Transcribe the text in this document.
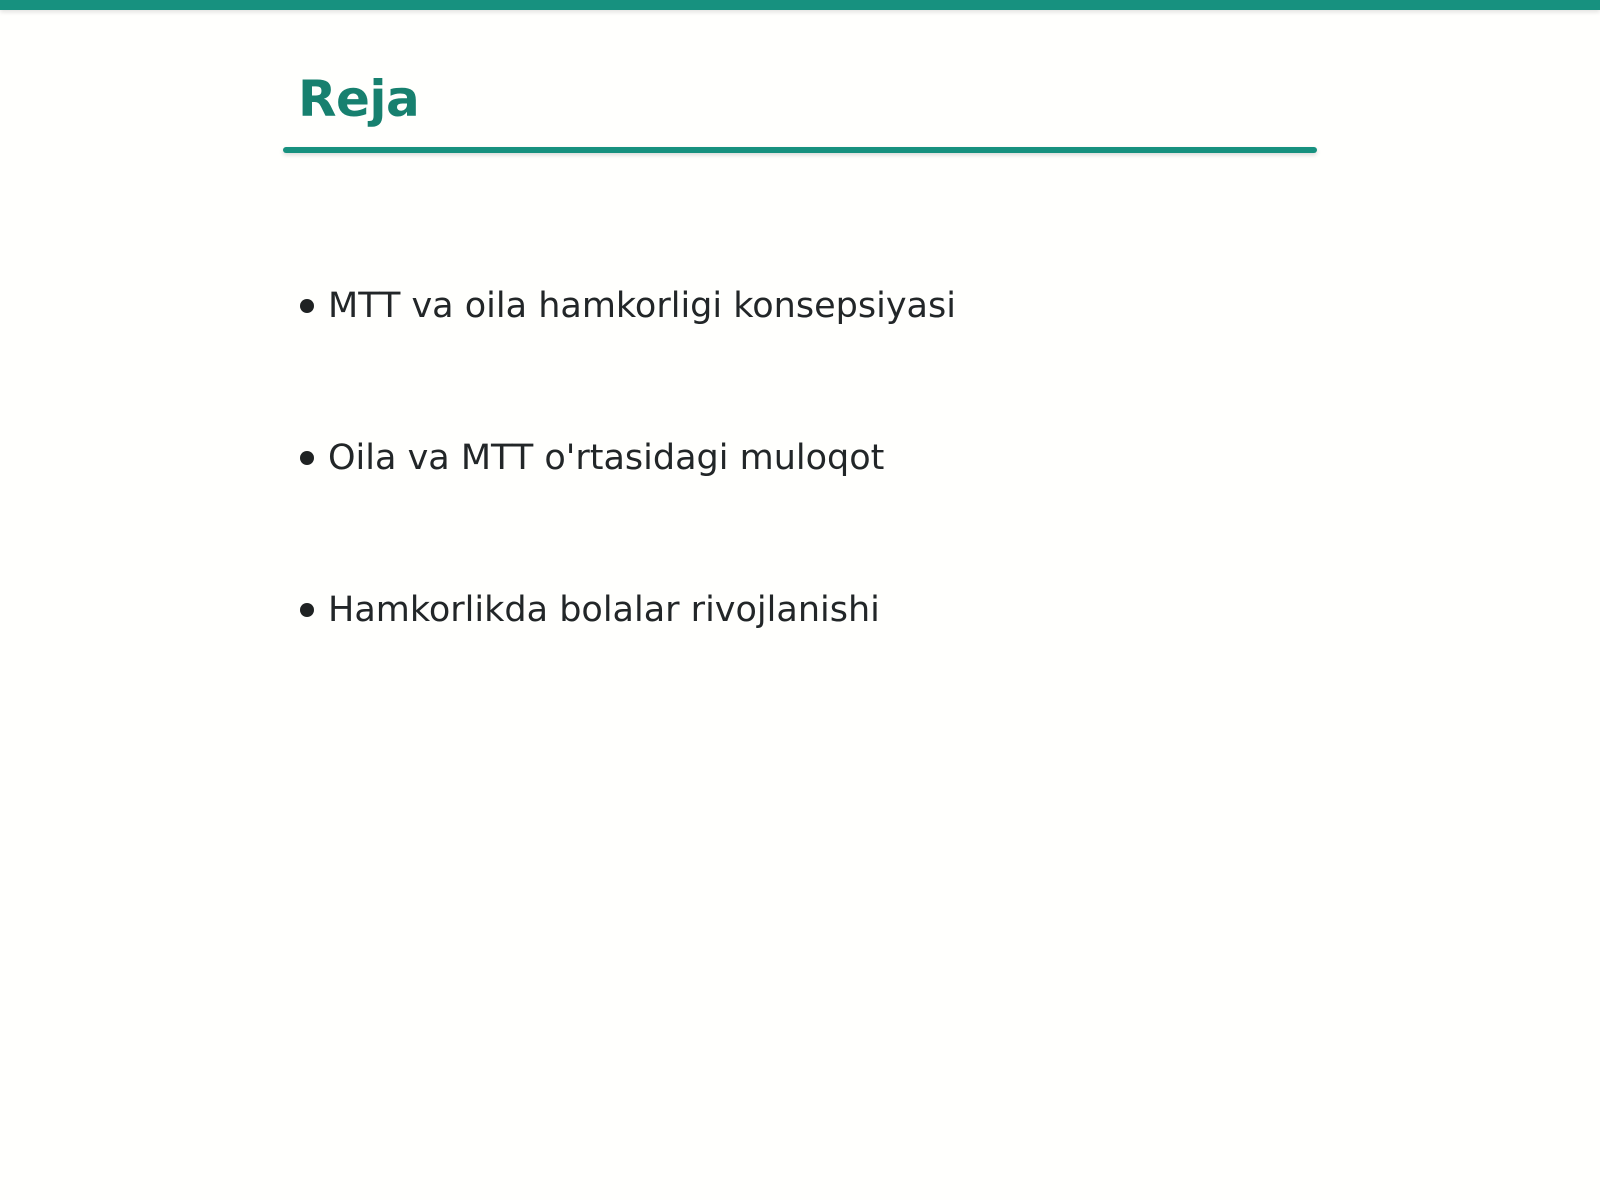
Reja
MTT va oila hamkorligi konsepsiyasi
Oila va MTT o'rtasidagi muloqot
Hamkorlikda bolalar rivojlanishi
